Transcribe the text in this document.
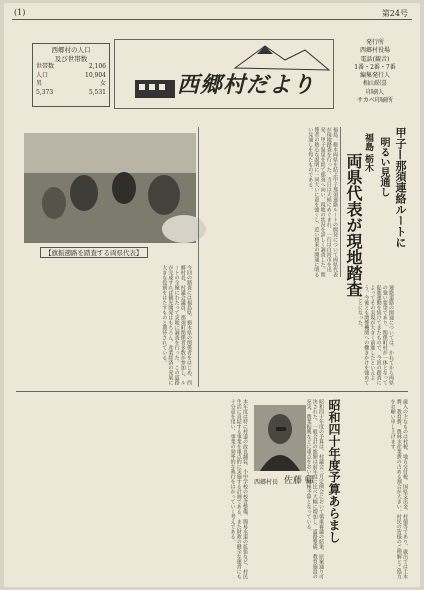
(1)	第24号
西郷村の人口
及び世帯数
世帯数	2,106
人口	10,904
男	女
5,373	5,531	西郷村だより
発行所
西郷村役場
電話(観音)
1番・2番・7番
編集発行人
相山昭喜
印刷人
サカベ印刷所
【旗振遡路を踏査する両県代表】
甲子—那須連絡ルートに
明るい見通し
福島 栃木
両県代表が現地踏査
福島、栃木両県を結ぶ甲子那須連絡ルートの開発について両県代表が現地踏査を行った。当日は天候にめぐまれ、一行は白河市を出発、甲子温泉を経て那須へ向い、現地の状況を詳しく調査した。関係者の熱心な説明に一同大いに意を強くし、近い将来の開通に明るい見通しを得たものである。
今回の踏査には福島県、栃木県の関係者をはじめ、西郷村長、村議会議員、那須町関係者多数が参加し、ルートの全線にわたって実地に調査を行った。この道路が完成すれば観光開発はもちろん、産業経済の発展に大きな役割をはたすものと期待されている。	連絡道路の開通については、かねてから両県の強い要望であり、関係町村が一体となって促進運動を続けてきたもので、今回の踏査によってその実現が大きく前進したといえよう。今後とも関係機関への働きかけを強めていくことになった。
昭和四十年度予算あらまし
西郷村長 佐藤 帰 昭和四十年度の予算は、村議会三月定例会において慎重審議の結果、原案通り可決された。一般会計の総額は前年度に比べ大幅に増加し、道路整備、教育施設の充実、農業振興などに重点をおいた積極予算となっている。	歳入の主なものは村税、地方交付税、国県支出金、村債等であり、歳出では土木費、教育費、農林水産業費の占める割合が大きい。村民の皆様のご理解とご協力をお願い申し上げます。
本年度は特に村道の改良舗装、小中学校の校舎整備、簡易水道の拡張など、村民生活に直結する事業を重点的に実施する計画である。また財政の健全な運営にも十分意を用い、事業の効率的な執行をはかっていく考えである。
